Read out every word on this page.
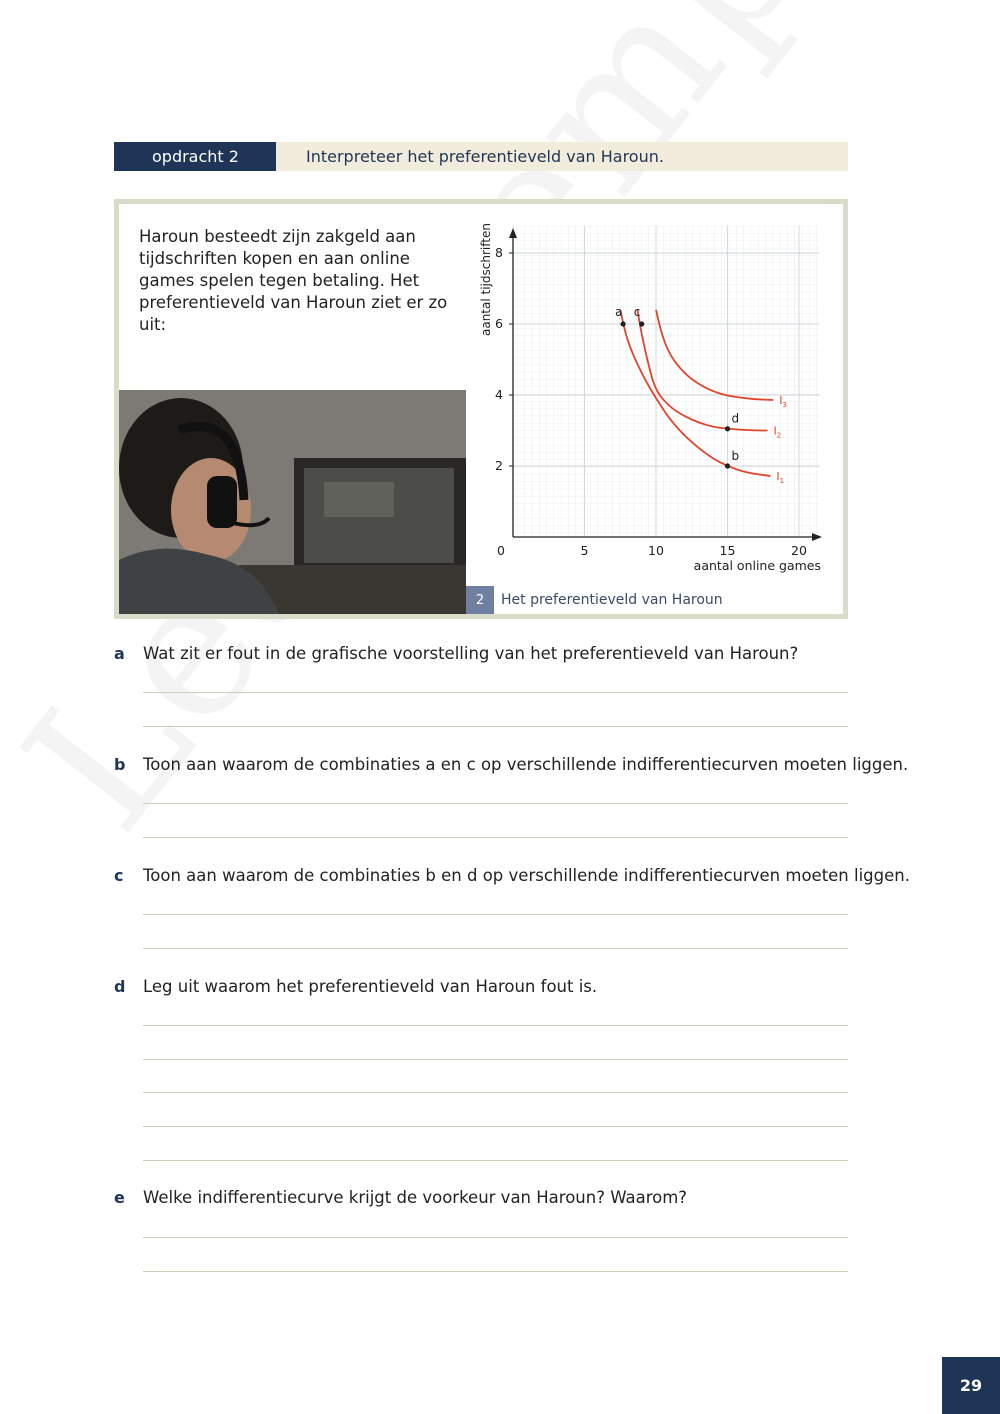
opdracht 2	Interpreteer het preferentieveld van Haroun.

Haroun besteedt zijn zakgeld aan tijdschriften kopen en aan online games spelen tegen betaling. Het preferentieveld van Haroun ziet er zo uit:

$I_1$
$I_2$
$I_3$
a c
d
b
0	5	10	15	20
2
4
6
8
aantal online games
aantal tijdschriften
2	Het preferentieveld van Haroun
a Wat zit er fout in de grafische voorstelling van het preferentieveld van Haroun?
b Toon aan waarom de combinaties a en c op verschillende indifferentiecurven moeten liggen.
c Toon aan waarom de combinaties b en d op verschillende indifferentiecurven moeten liggen.
d Leg uit waarom het preferentieveld van Haroun fout is.
e Welke indifferentiecurve krijgt de voorkeur van Haroun? Waarom?
29
